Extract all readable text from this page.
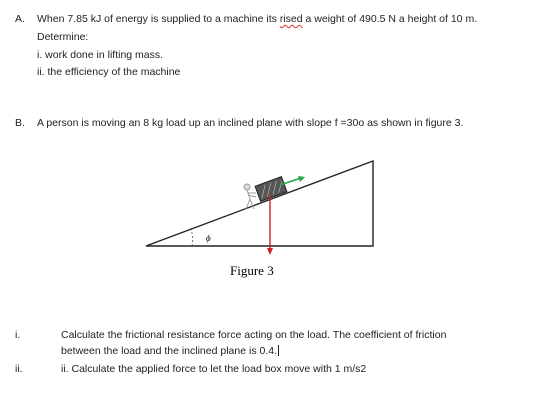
A. When 7.85 kJ of energy is supplied to a machine its rised a weight of 490.5 N a height of 10 m.
Determine:
i. work done in lifting mass.
ii. the efficiency of the machine
B. A person is moving an 8 kg load up an inclined plane with slope f =30o as shown in figure 3.
ϕ
Figure 3
i.	Calculate the frictional resistance force acting on the load. The coefficient of friction
between the load and the inclined plane is 0.4.
ii.	ii. Calculate the applied force to let the load box move with 1 m/s2
